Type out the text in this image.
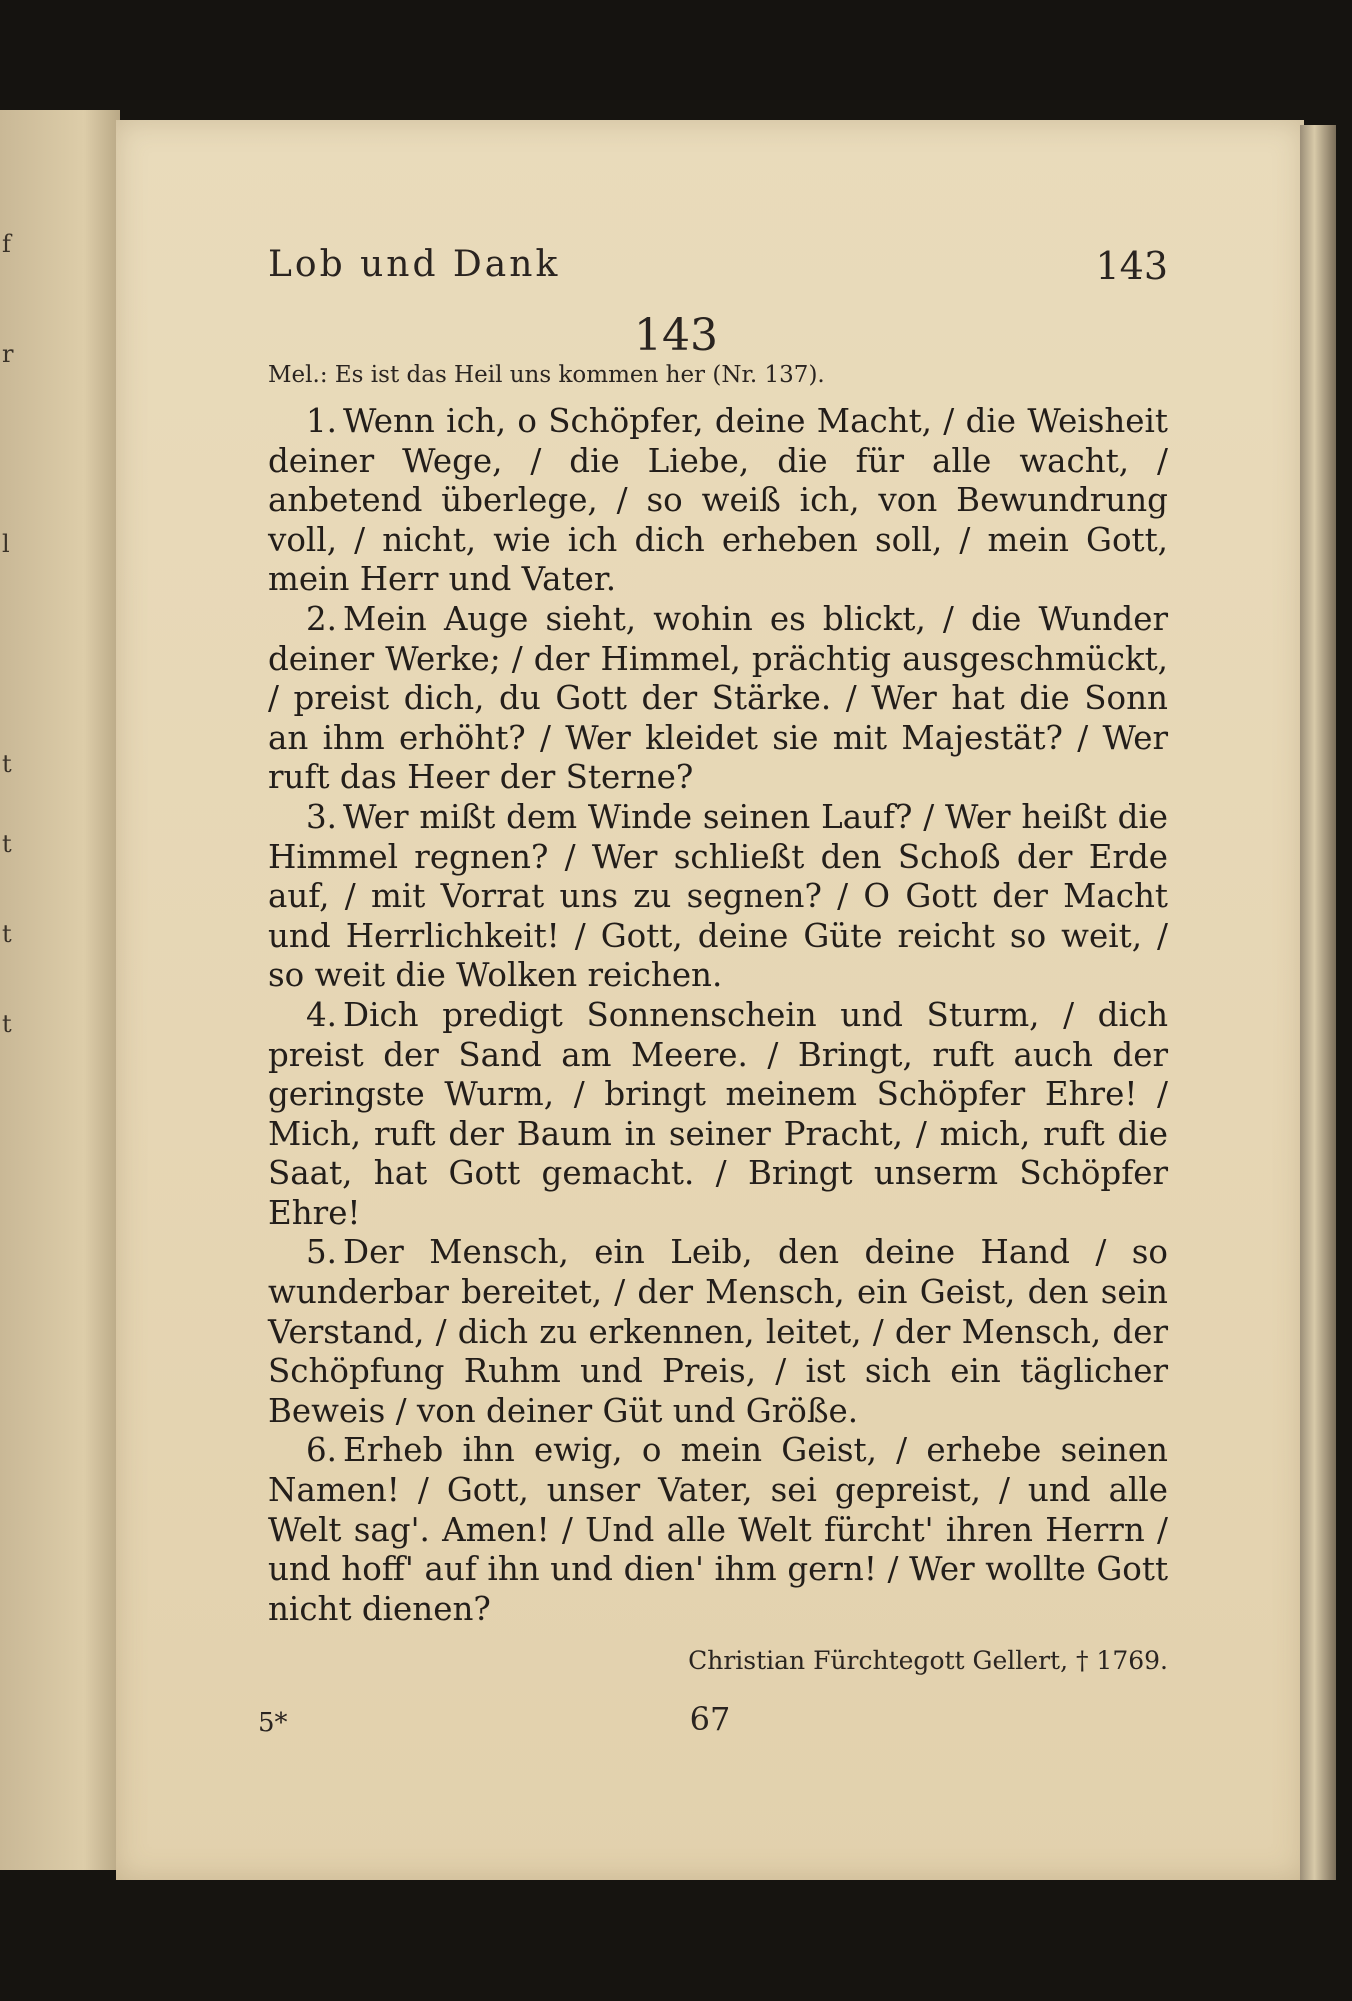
f
r
l
t
t
t
t
Lob und Dank	143
143
Mel.: Es ist das Heil uns kommen her (Nr. 137).

1. Wenn ich, o Schöpfer, deine Macht, / die Weisheit deiner Wege, / die Liebe, die für alle wacht, / anbetend überlege, / so weiß ich, von Bewundrung voll, / nicht, wie ich dich erheben soll, / mein Gott, mein Herr und Vater.

2. Mein Auge sieht, wohin es blickt, / die Wunder deiner Werke; / der Himmel, prächtig ausgeschmückt, / preist dich, du Gott der Stärke. / Wer hat die Sonn an ihm erhöht? / Wer kleidet sie mit Majestät? / Wer ruft das Heer der Sterne?

3. Wer mißt dem Winde seinen Lauf? / Wer heißt die Himmel regnen? / Wer schließt den Schoß der Erde auf, / mit Vorrat uns zu segnen? / O Gott der Macht und Herrlichkeit! / Gott, deine Güte reicht so weit, / so weit die Wolken reichen.

4. Dich predigt Sonnenschein und Sturm, / dich preist der Sand am Meere. / Bringt, ruft auch der geringste Wurm, / bringt meinem Schöpfer Ehre! / Mich, ruft der Baum in seiner Pracht, / mich, ruft die Saat, hat Gott gemacht. / Bringt unserm Schöpfer Ehre!

5. Der Mensch, ein Leib, den deine Hand / so wunderbar bereitet, / der Mensch, ein Geist, den sein Verstand, / dich zu erkennen, leitet, / der Mensch, der Schöpfung Ruhm und Preis, / ist sich ein täglicher Beweis / von deiner Güt und Größe.

6. Erheb ihn ewig, o mein Geist, / erhebe seinen Namen! / Gott, unser Vater, sei gepreist, / und alle Welt sag'. Amen! / Und alle Welt fürcht' ihren Herrn / und hoff' auf ihn und dien' ihm gern! / Wer wollte Gott nicht dienen?

Christian Fürchtegott Gellert, † 1769.
5*	67
